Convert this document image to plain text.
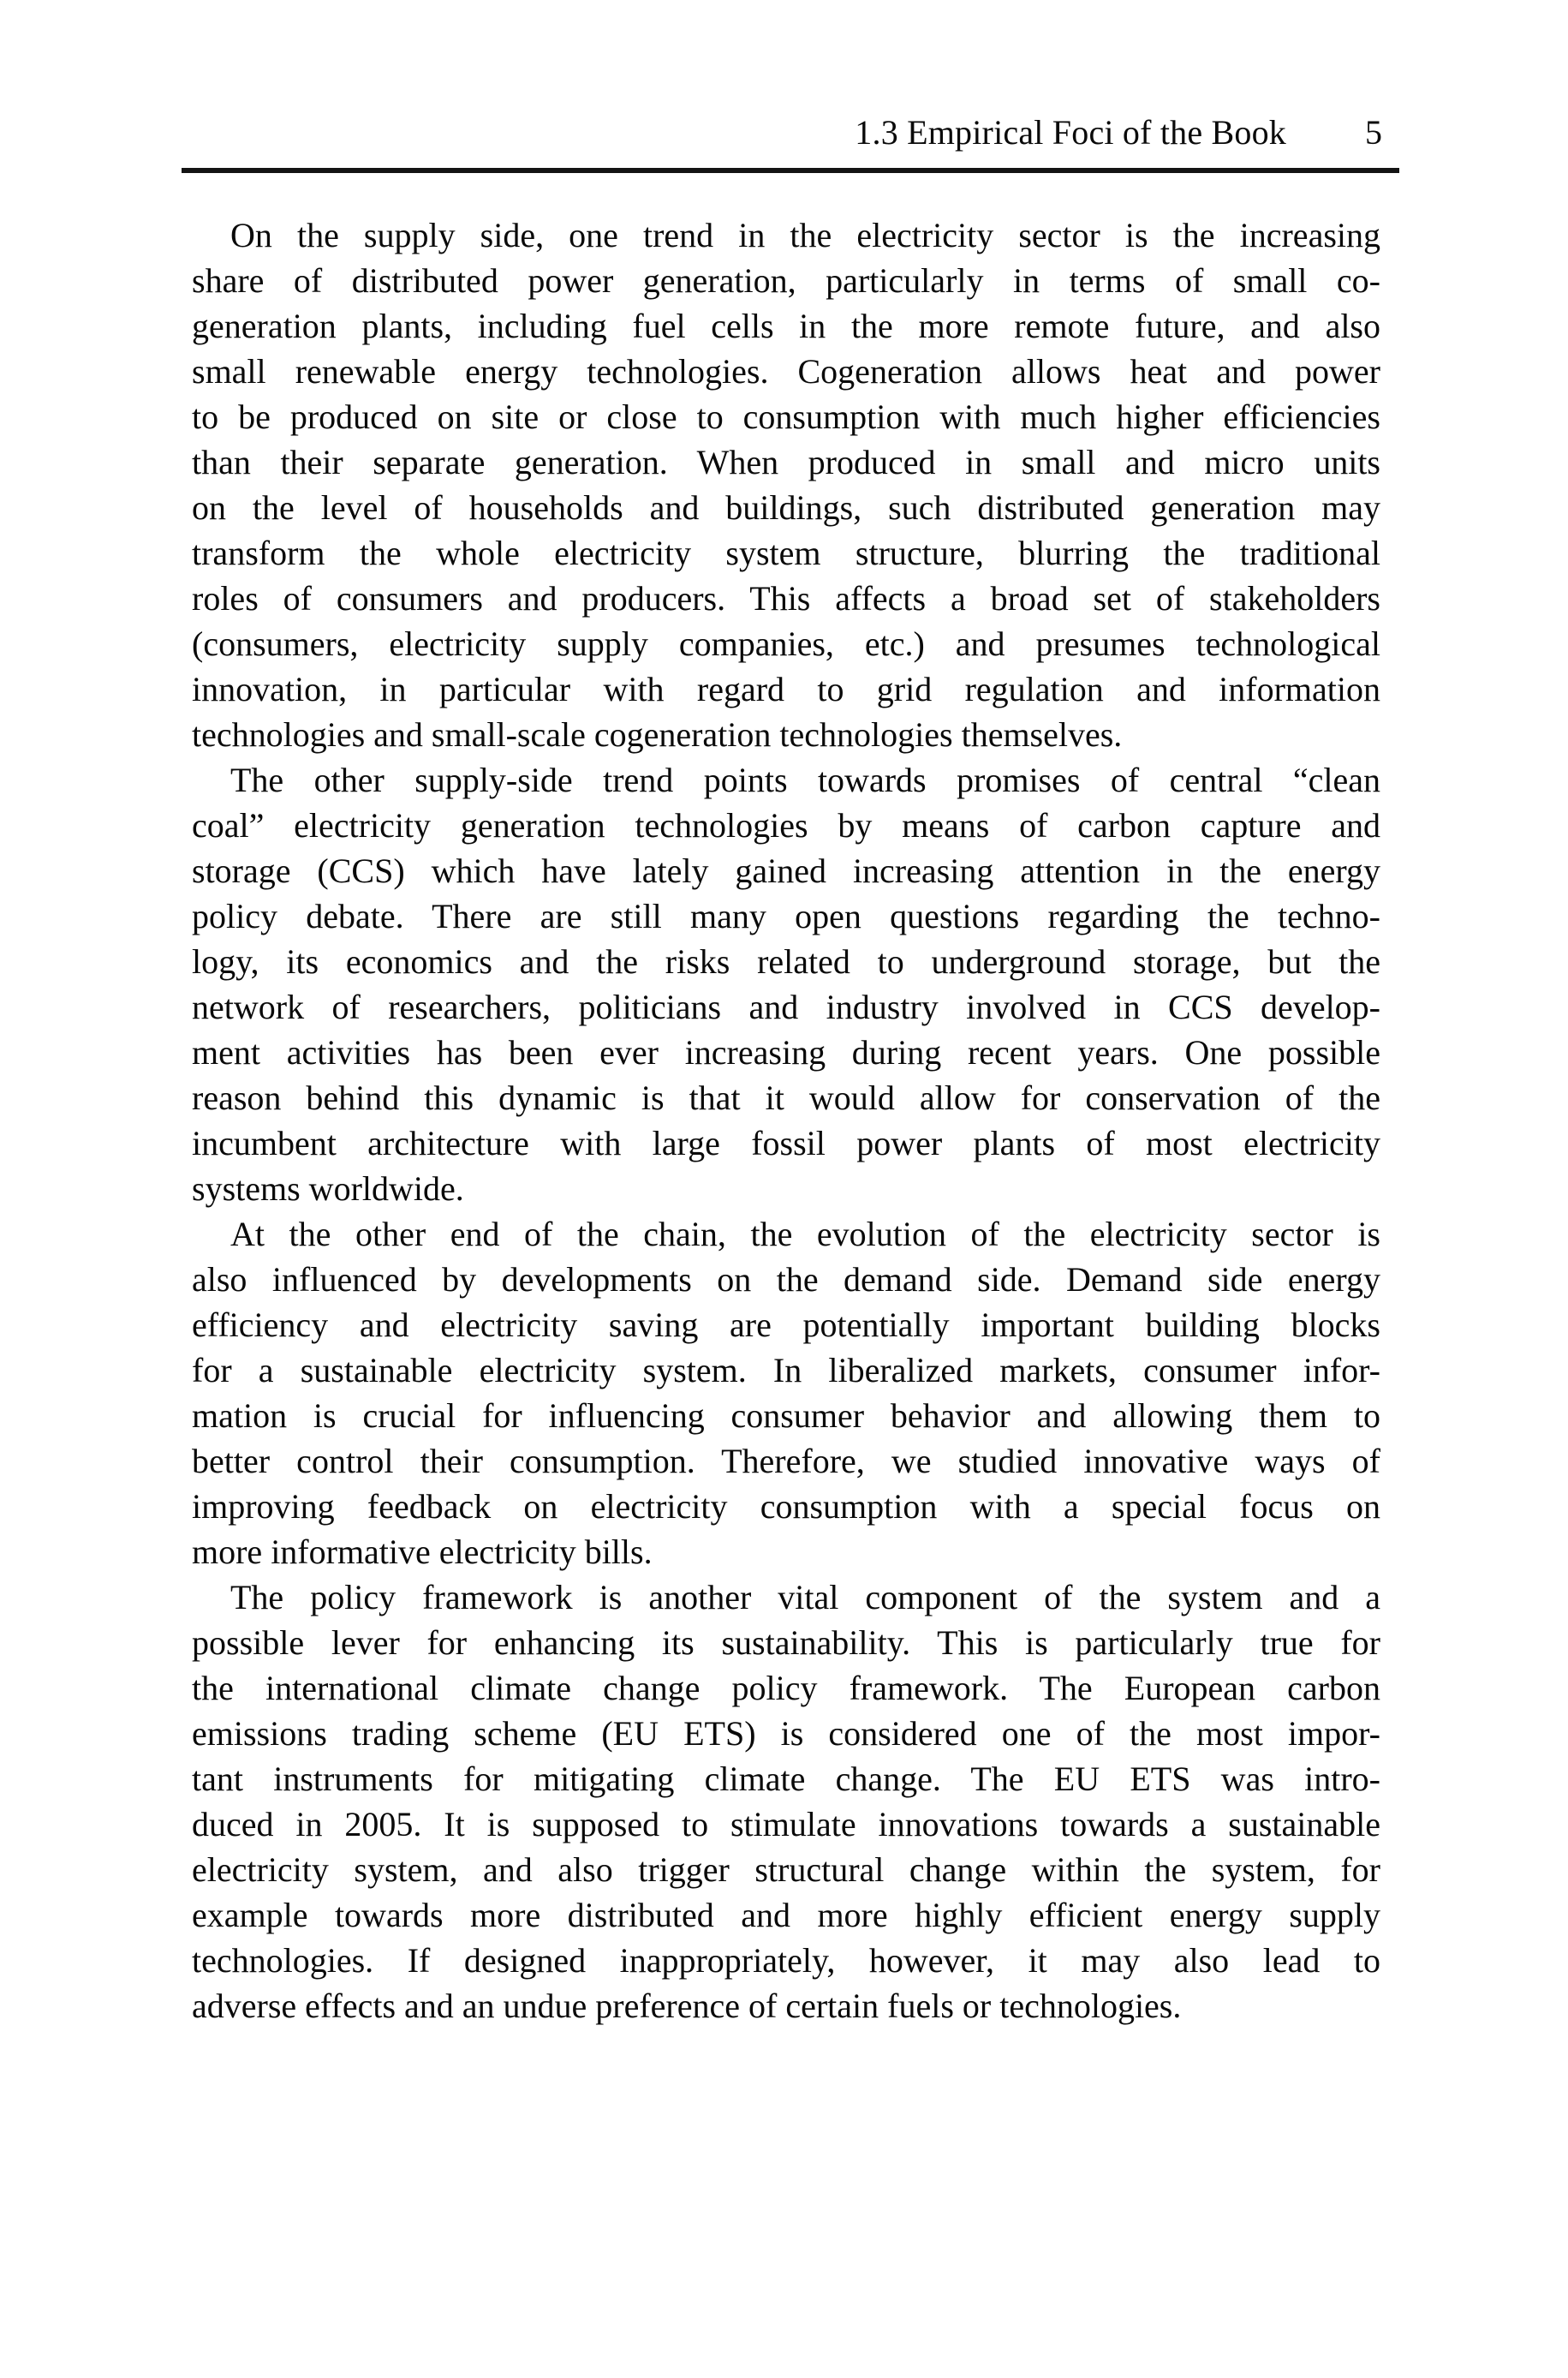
1.3 Empirical Foci of the Book 5
On the supply side, one trend in the electricity sector is the increasing
share of distributed power generation, particularly in terms of small co-
generation plants, including fuel cells in the more remote future, and also
small renewable energy technologies. Cogeneration allows heat and power
to be produced on site or close to consumption with much higher efficiencies
than their separate generation. When produced in small and micro units
on the level of households and buildings, such distributed generation may
transform the whole electricity system structure, blurring the traditional
roles of consumers and producers. This affects a broad set of stakeholders
(consumers, electricity supply companies, etc.) and presumes technological
innovation, in particular with regard to grid regulation and information
technologies and small-scale cogeneration technologies themselves.
The other supply-side trend points towards promises of central “clean
coal” electricity generation technologies by means of carbon capture and
storage (CCS) which have lately gained increasing attention in the energy
policy debate. There are still many open questions regarding the techno-
logy, its economics and the risks related to underground storage, but the
network of researchers, politicians and industry involved in CCS develop-
ment activities has been ever increasing during recent years. One possible
reason behind this dynamic is that it would allow for conservation of the
incumbent architecture with large fossil power plants of most electricity
systems worldwide.
At the other end of the chain, the evolution of the electricity sector is
also influenced by developments on the demand side. Demand side energy
efficiency and electricity saving are potentially important building blocks
for a sustainable electricity system. In liberalized markets, consumer infor-
mation is crucial for influencing consumer behavior and allowing them to
better control their consumption. Therefore, we studied innovative ways of
improving feedback on electricity consumption with a special focus on
more informative electricity bills.
The policy framework is another vital component of the system and a
possible lever for enhancing its sustainability. This is particularly true for
the international climate change policy framework. The European carbon
emissions trading scheme (EU ETS) is considered one of the most impor-
tant instruments for mitigating climate change. The EU ETS was intro-
duced in 2005. It is supposed to stimulate innovations towards a sustainable
electricity system, and also trigger structural change within the system, for
example towards more distributed and more highly efficient energy supply
technologies. If designed inappropriately, however, it may also lead to
adverse effects and an undue preference of certain fuels or technologies.
